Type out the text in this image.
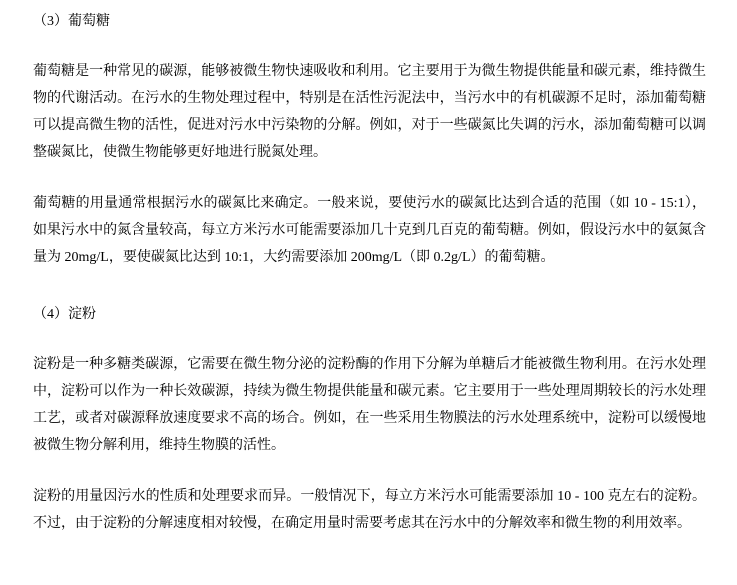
（3）葡萄糖

葡萄糖是一种常见的碳源，能够被微生物快速吸收和利用。它主要用于为微生物提供能量和碳元素，维持微生物的代谢活动。在污水的生物处理过程中，特别是在活性污泥法中，当污水中的有机碳源不足时，添加葡萄糖可以提高微生物的活性，促进对污水中污染物的分解。例如，对于一些碳氮比失调的污水，添加葡萄糖可以调整碳氮比，使微生物能够更好地进行脱氮处理。

葡萄糖的用量通常根据污水的碳氮比来确定。一般来说，要使污水的碳氮比达到合适的范围（如 10 - 15:1），如果污水中的氮含量较高，每立方米污水可能需要添加几十克到几百克的葡萄糖。例如，假设污水中的氨氮含量为 20mg/L，要使碳氮比达到 10:1，大约需要添加 200mg/L（即 0.2g/L）的葡萄糖。

（4）淀粉

淀粉是一种多糖类碳源，它需要在微生物分泌的淀粉酶的作用下分解为单糖后才能被微生物利用。在污水处理中，淀粉可以作为一种长效碳源，持续为微生物提供能量和碳元素。它主要用于一些处理周期较长的污水处理工艺，或者对碳源释放速度要求不高的场合。例如，在一些采用生物膜法的污水处理系统中，淀粉可以缓慢地被微生物分解利用，维持生物膜的活性。

淀粉的用量因污水的性质和处理要求而异。一般情况下，每立方米污水可能需要添加 10 - 100 克左右的淀粉。不过，由于淀粉的分解速度相对较慢，在确定用量时需要考虑其在污水中的分解效率和微生物的利用效率。
